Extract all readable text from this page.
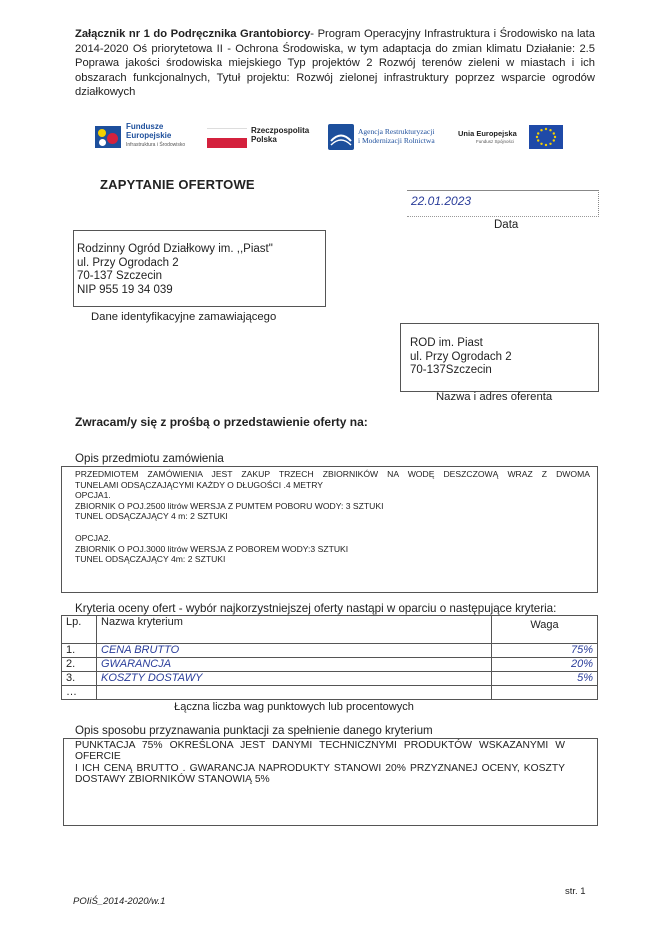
Załącznik nr 1 do Podręcznika Grantobiorcy- Program Operacyjny Infrastruktura i Środowisko na lata 2014-2020 Oś priorytetowa II - Ochrona Środowiska, w tym adaptacja do zmian klimatu Działanie: 2.5 Poprawa jakości środowiska miejskiego Typ projektów 2 Rozwój terenów zieleni w miastach i ich obszarach funkcjonalnych, Tytuł projektu: Rozwój zielonej infrastruktury poprzez wsparcie ogrodów działkowych
Fundusze
Europejskie
Infrastruktura i Środowisko
Rzeczpospolita
Polska
Agencja Restrukturyzacji
i Modernizacji Rolnictwa
Unia Europejska
Fundusz Spójności
ZAPYTANIE OFERTOWE
22.01.2023
Data
Rodzinny Ogród Działkowy im. ,,Piast"
ul. Przy Ogrodach 2
70-137 Szczecin
NIP 955 19 34 039
Dane identyfikacyjne zamawiającego
ROD im. Piast
ul. Przy Ogrodach 2
70-137Szczecin
Nazwa i adres oferenta
Zwracam/y się z prośbą o przedstawienie oferty na:
Opis przedmiotu zamówienia
PRZEDMIOTEM ZAMÓWIENIA JEST ZAKUP TRZECH ZBIORNIKÓW NA WODĘ DESZCZOWĄ WRAZ Z DWOMA
TUNELAMI ODSĄCZAJĄCYMI KAŻDY O DŁUGOŚCI .4 METRY
OPCJA1.
ZBIORNIK O POJ.2500 litrów WERSJA Z PUMTEM POBORU WODY: 3 SZTUKI
TUNEL ODSĄCZAJĄCY 4 m: 2 SZTUKI
OPCJA2.
ZBIORNIK O POJ.3000 litrów WERSJA Z POBOREM WODY:3 SZTUKI
TUNEL ODSĄCZAJĄCY 4m: 2 SZTUKI
Kryteria oceny ofert - wybór najkorzystniejszej oferty nastąpi w oparciu o następujące kryteria:
Lp.	Nazwa kryterium	Waga
1.	CENA BRUTTO	75%
2.	GWARANCJA	20%
3.	KOSZTY DOSTAWY	5%
…		
	Łączna liczba wag punktowych lub procentowych	
Opis sposobu przyznawania punktacji za spełnienie danego kryterium
PUNKTACJA 75% OKREŚLONA JEST DANYMI TECHNICZNYMI PRODUKTÓW WSKAZANYMI W OFERCIE
I ICH CENĄ BRUTTO . GWARANCJA NAPRODUKTY STANOWI 20% PRZYZNANEJ OCENY, KOSZTY
DOSTAWY ZBIORNIKÓW STANOWIĄ 5%
str. 1
POIiŚ_2014-2020/w.1
